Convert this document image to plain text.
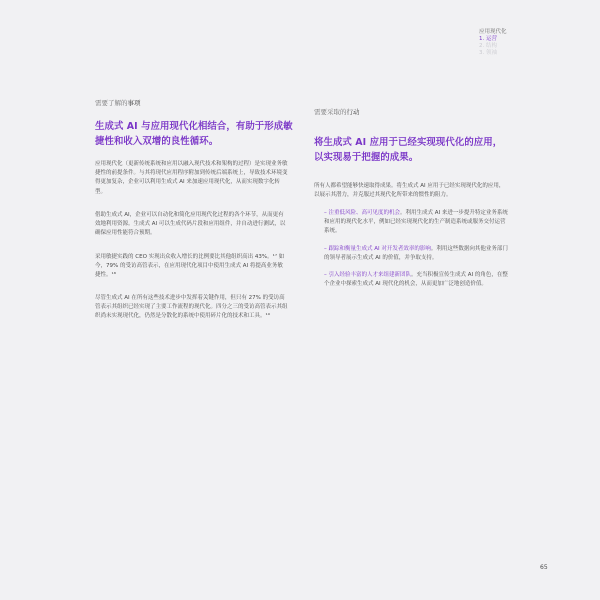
应用现代化
1. 运营
2. 结构
3. 领袖
需要了解的事项
生成式 AI 与应用现代化相结合，有助于形成敏捷性和收入双增的良性循环。
应用现代化（更新传统系统和应用以融入现代技术和架构的过程）是实现业务敏捷性的前提条件。与其将现代应用程序附加到传统后端系统上，导致技术环境变得更加复杂，企业可以利用生成式 AI 来加速应用现代化，从而实现数字化转型。
借助生成式 AI，企业可以自动化和简化应用现代化过程的各个环节，从而更有效地利用资源。生成式 AI 可以生成代码片段和应用组件，并自动进行测试，以确保应用性能符合预期。
采用敏捷实践的 CEO 实现出众收入增长的比例要比其他组织高出 43%。¹⁷ 如今，79% 的受访高管表示，在应用现代化项目中使用生成式 AI 将提高业务敏捷性。¹⁸
尽管生成式 AI 在所有这些技术进步中发挥着关键作用，但只有 27% 的受访高管表示其组织已经实现了主要工作流程的现代化。四分之三的受访高管表示其组织尚未实现现代化，仍然是分散化的系统中使用碎片化的技术和工具。¹⁹
需要采取的行动
将生成式 AI 应用于已经实现现代化的应用，以实现易于把握的成果。
所有人都希望能够快速取得成果。将生成式 AI 应用于已经实现现代化的应用，以展示其潜力，并克服过其现代化所带来的惯性的阻力。
– 注重低风险、高可见度的机会。利用生成式 AI 来进一步提升特定业务系统和应用的现代化水平，例如已经实现现代化的生产制造系统或服务交付运营系统。
– 跟踪和衡量生成式 AI 对开发者效率的影响。利用这些数据向其他业务部门的领导者展示生成式 AI 的价值，并争取支持。
– 引入经验丰富的人才来组建新团队。充当积极宣传生成式 AI 的角色，在整个企业中探索生成式 AI 现代化的机会，从而更加广泛地创造价值。
65
